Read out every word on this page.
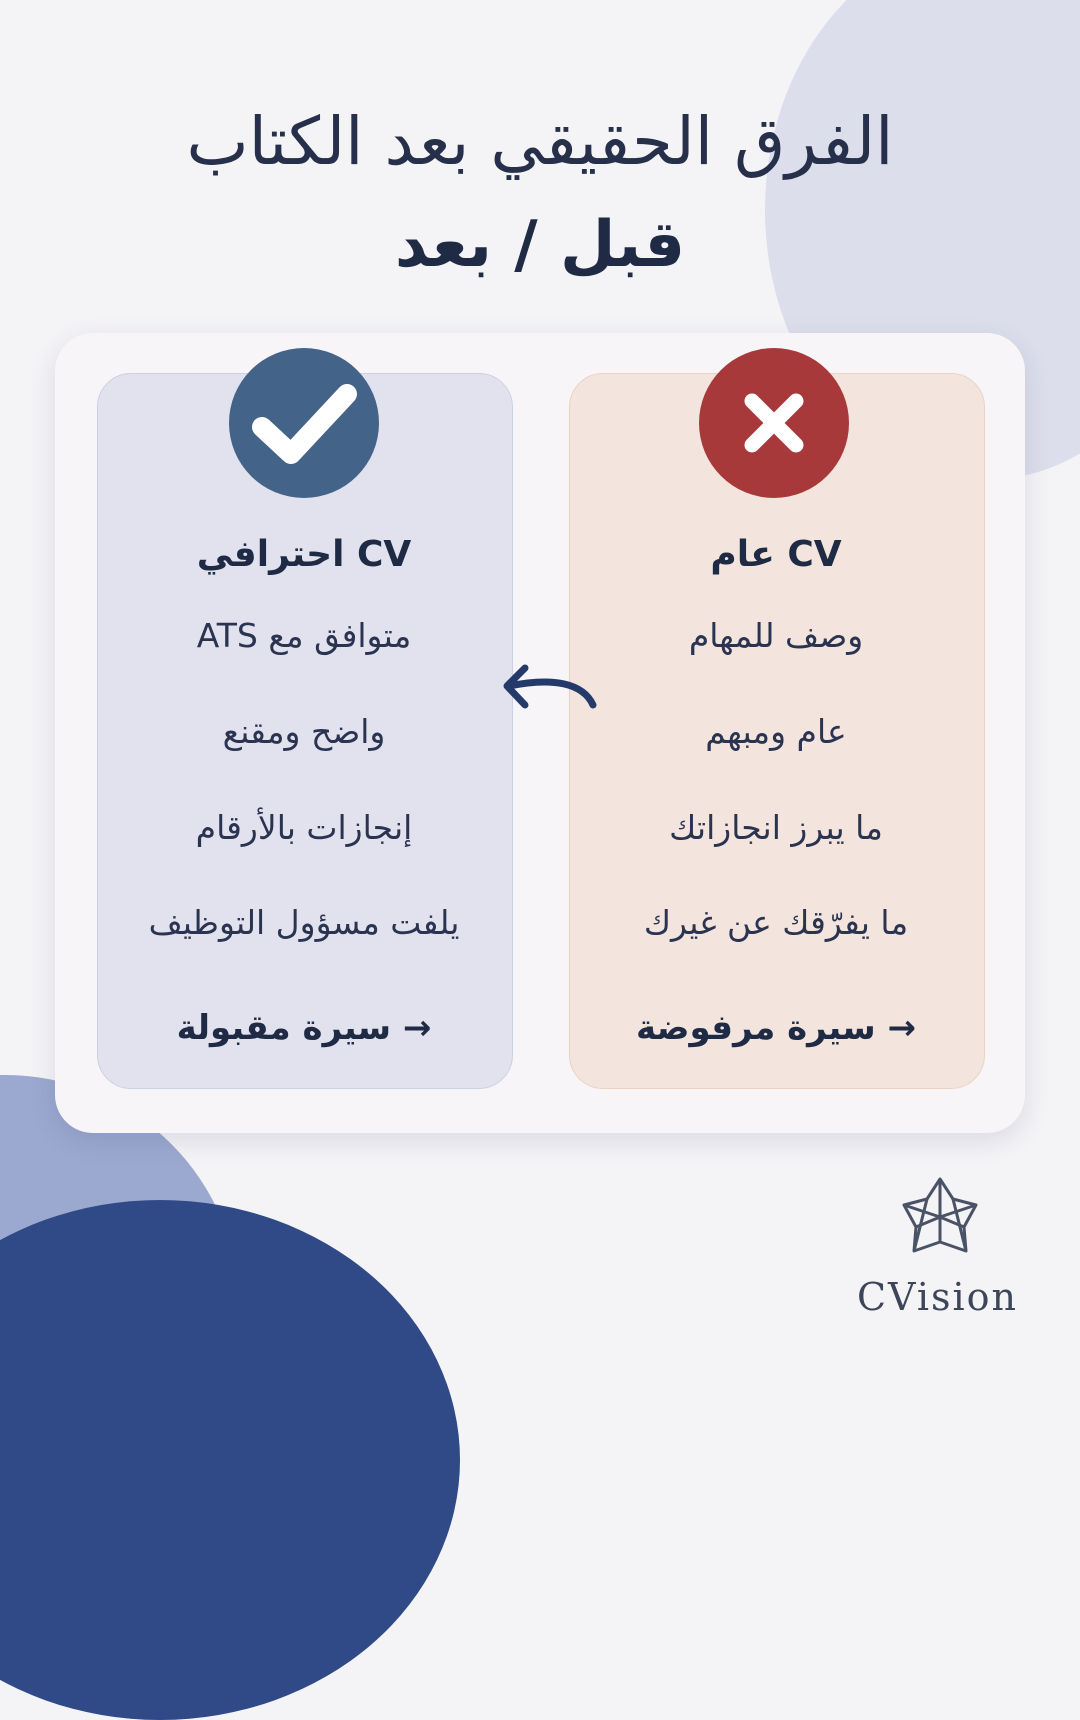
الفرق الحقيقي بعد الكتاب
قبل / بعد
CV احترافي
متوافق مع ATS
واضح ومقنع
إنجازات بالأرقام
يلفت مسؤول التوظيف
→ سيرة مقبولة
CV عام
وصف للمهام
عام ومبهم
ما يبرز انجازاتك
ما يفرّقك عن غيرك
→ سيرة مرفوضة
CVision
